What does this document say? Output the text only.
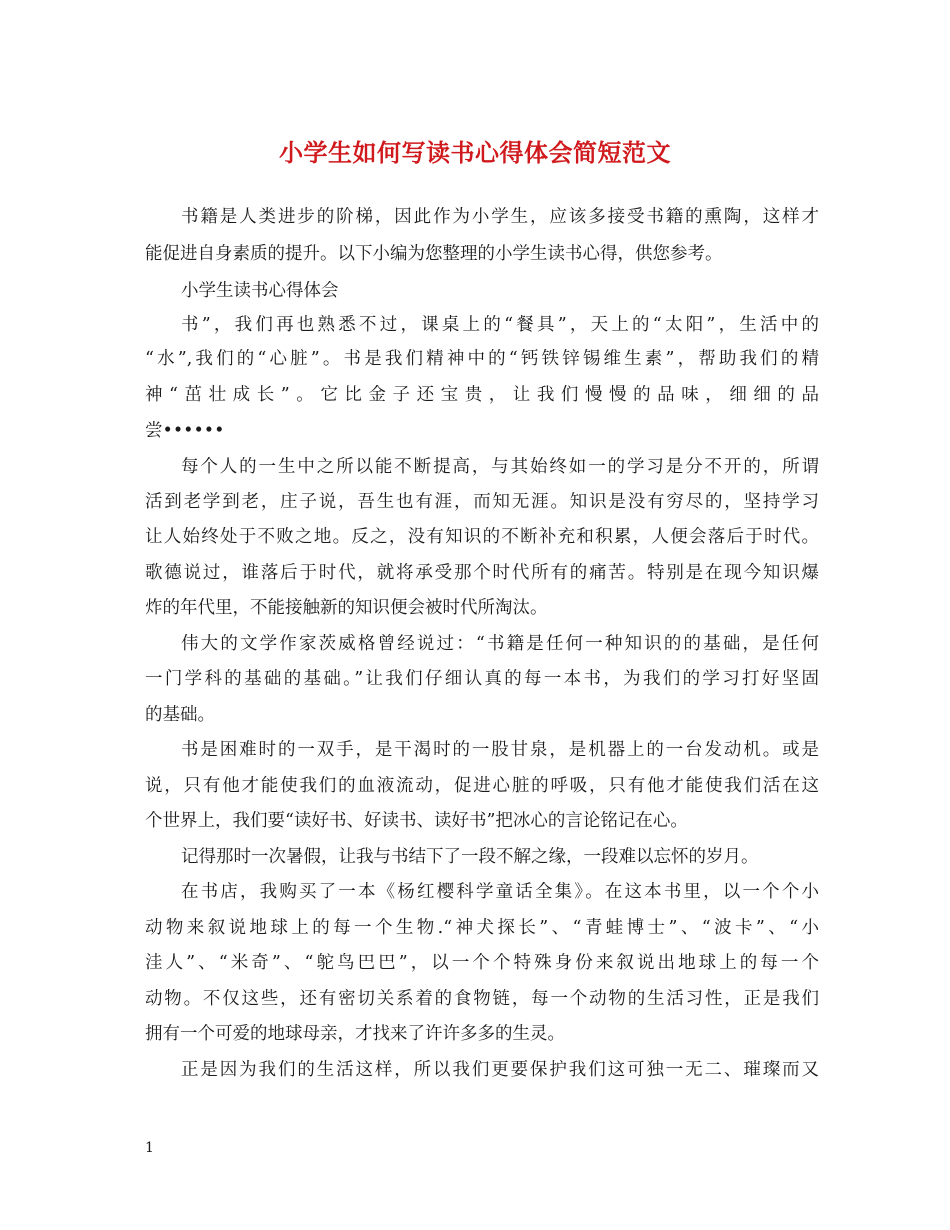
小学生如何写读书心得体会简短范文
书籍是人类进步的阶梯，因此作为小学生，应该多接受书籍的熏陶，这样才
能促进自身素质的提升。以下小编为您整理的小学生读书心得，供您参考。
小学生读书心得体会
书”，我们再也熟悉不过，课桌上的“餐具”，天上的“太阳”，生活中的
“水”,我们的“心脏”。书是我们精神中的“钙铁锌锡维生素”，帮助我们的精
神“茁壮成长”。它比金子还宝贵，让我们慢慢的品味，细细的品
尝••••••
每个人的一生中之所以能不断提高，与其始终如一的学习是分不开的，所谓
活到老学到老，庄子说，吾生也有涯，而知无涯。知识是没有穷尽的，坚持学习
让人始终处于不败之地。反之，没有知识的不断补充和积累，人便会落后于时代。
歌德说过，谁落后于时代，就将承受那个时代所有的痛苦。特别是在现今知识爆
炸的年代里，不能接触新的知识便会被时代所淘汰。
伟大的文学作家茨威格曾经说过：“书籍是任何一种知识的的基础，是任何
一门学科的基础的基础。”让我们仔细认真的每一本书，为我们的学习打好坚固
的基础。
书是困难时的一双手，是干渴时的一股甘泉，是机器上的一台发动机。或是
说，只有他才能使我们的血液流动，促进心脏的呼吸，只有他才能使我们活在这
个世界上，我们要“读好书、好读书、读好书”把冰心的言论铭记在心。
记得那时一次暑假，让我与书结下了一段不解之缘，一段难以忘怀的岁月。
在书店，我购买了一本《杨红樱科学童话全集》。在这本书里，以一个个小
动物来叙说地球上的每一个生物.“神犬探长”、“青蛙博士”、“波卡”、“小
洼人”、“米奇”、“鸵鸟巴巴”，以一个个特殊身份来叙说出地球上的每一个
动物。不仅这些，还有密切关系着的食物链，每一个动物的生活习性，正是我们
拥有一个可爱的地球母亲，才找来了许许多多的生灵。
正是因为我们的生活这样，所以我们更要保护我们这可独一无二、璀璨而又
1
